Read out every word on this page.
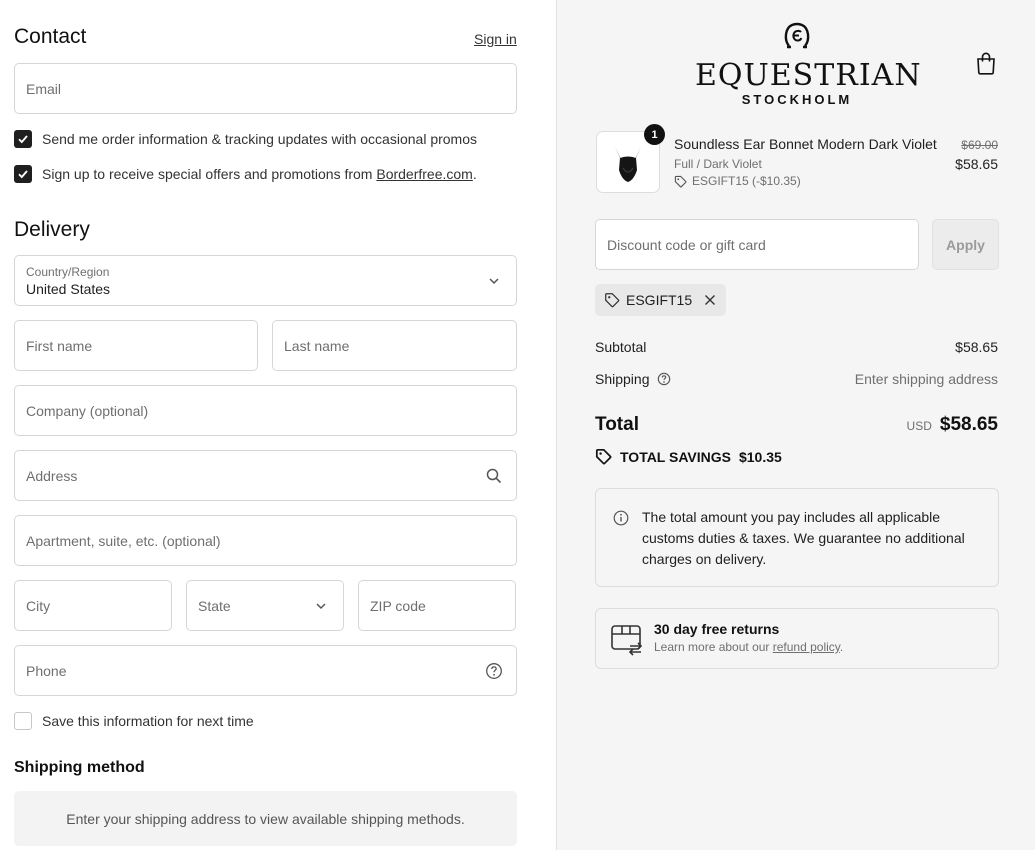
Contact	Sign in
Email
Send me order information & tracking updates with occasional promos
Sign up to receive special offers and promotions from Borderfree.com.
Delivery
Country/Region
United States
First name	Last name
Company (optional)
Address
Apartment, suite, etc. (optional)
City	State	ZIP code
Phone
Save this information for next time
Shipping method
Enter your shipping address to view available shipping methods.
EQUESTRIAN
STOCKHOLM
1
Soundless Ear Bonnet Modern Dark Violet
Full / Dark Violet
ESGIFT15 (-$10.35)
$69.00
$58.65
Discount code or gift card	Apply
ESGIFT15
Subtotal	$58.65
Shipping	Enter shipping address
Total	USD $58.65
TOTAL SAVINGS $10.35
The total amount you pay includes all applicable customs duties & taxes. We guarantee no additional charges on delivery.
30 day free returns
Learn more about our refund policy.
